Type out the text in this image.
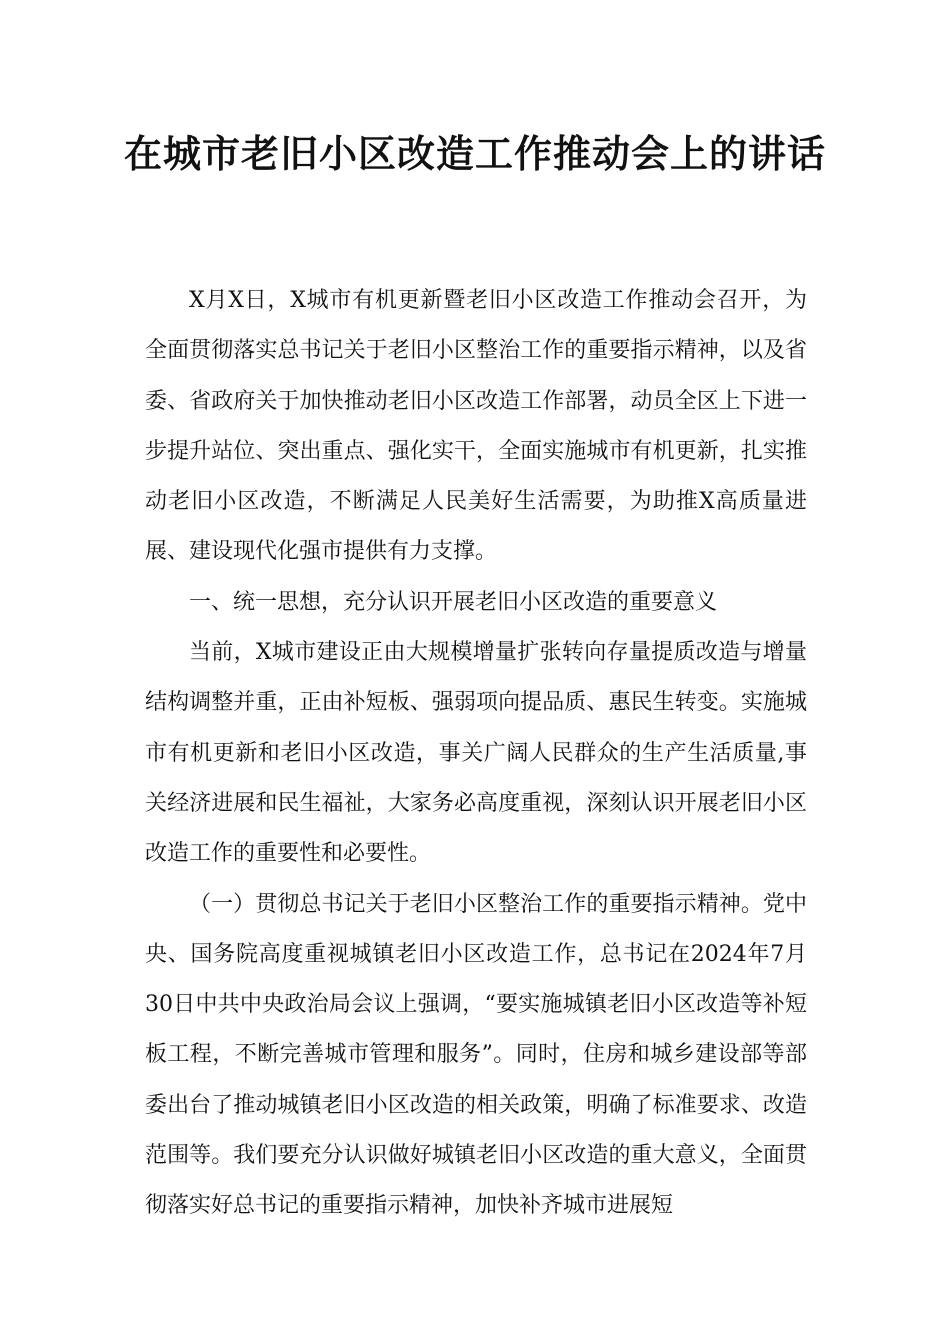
在城市老旧小区改造工作推动会上的讲话

X月X日，X城市有机更新暨老旧小区改造工作推动会召开，为全面贯彻落实总书记关于老旧小区整治工作的重要指示精神，以及省委、省政府关于加快推动老旧小区改造工作部署，动员全区上下进一步提升站位、突出重点、强化实干，全面实施城市有机更新，扎实推动老旧小区改造，不断满足人民美好生活需要，为助推X高质量进展、建设现代化强市提供有力支撑。

一、统一思想，充分认识开展老旧小区改造的重要意义

当前，X城市建设正由大规模增量扩张转向存量提质改造与增量结构调整并重，正由补短板、强弱项向提品质、惠民生转变。实施城市有机更新和老旧小区改造，事关广阔人民群众的生产生活质量,事关经济进展和民生福祉，大家务必高度重视，深刻认识开展老旧小区改造工作的重要性和必要性。

（一）贯彻总书记关于老旧小区整治工作的重要指示精神。党中央、国务院高度重视城镇老旧小区改造工作，总书记在2024年7月30日中共中央政治局会议上强调，“要实施城镇老旧小区改造等补短板工程，不断完善城市管理和服务”。同时，住房和城乡建设部等部委出台了推动城镇老旧小区改造的相关政策，明确了标准要求、改造范围等。我们要充分认识做好城镇老旧小区改造的重大意义，全面贯彻落实好总书记的重要指示精神，加快补齐城市进展短
